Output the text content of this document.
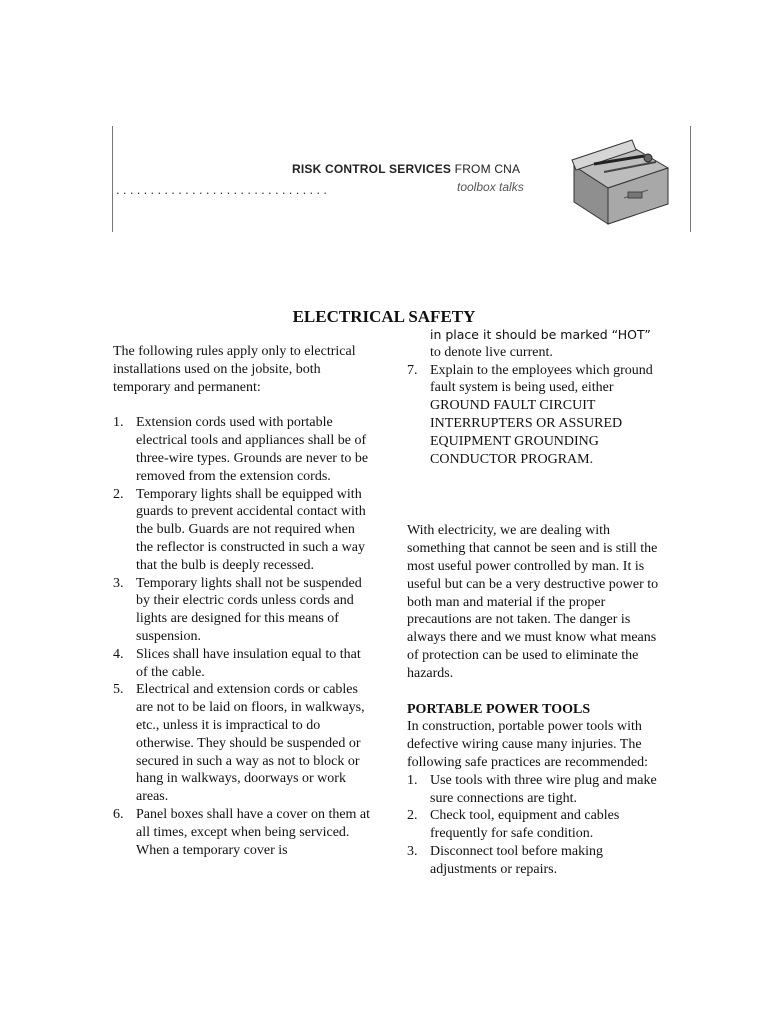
RISK CONTROL SERVICES FROM CNA
...............................	toolbox talks
ELECTRICAL SAFETY

The following rules apply only to electrical installations used on the jobsite, both temporary and permanent:

1. Extension cords used with portable electrical tools and appliances shall be of three-wire types. Grounds are never to be removed from the extension cords.
2. Temporary lights shall be equipped with guards to prevent accidental contact with the bulb. Guards are not required when the reflector is constructed in such a way that the bulb is deeply recessed.
3. Temporary lights shall not be suspended by their electric cords unless cords and lights are designed for this means of suspension.
4. Slices shall have insulation equal to that of the cable.
5. Electrical and extension cords or cables are not to be laid on floors, in walkways, etc., unless it is impractical to do otherwise. They should be suspended or secured in such a way as not to block or hang in walkways, doorways or work areas.
6. Panel boxes shall have a cover on them at all times, except when being serviced. When a temporary cover is

in place it should be marked “HOT”

to denote live current.

7. Explain to the employees which ground fault system is being used, either GROUND FAULT CIRCUIT INTERRUPTERS OR ASSURED EQUIPMENT GROUNDING CONDUCTOR PROGRAM.

With electricity, we are dealing with something that cannot be seen and is still the most useful power controlled by man. It is useful but can be a very destructive power to both man and material if the proper precautions are not taken. The danger is always there and we must know what means of protection can be used to eliminate the hazards.

PORTABLE POWER TOOLS

In construction, portable power tools with defective wiring cause many injuries. The following safe practices are recommended:

1. Use tools with three wire plug and make sure connections are tight.
2. Check tool, equipment and cables frequently for safe condition.
3. Disconnect tool before making adjustments or repairs.
